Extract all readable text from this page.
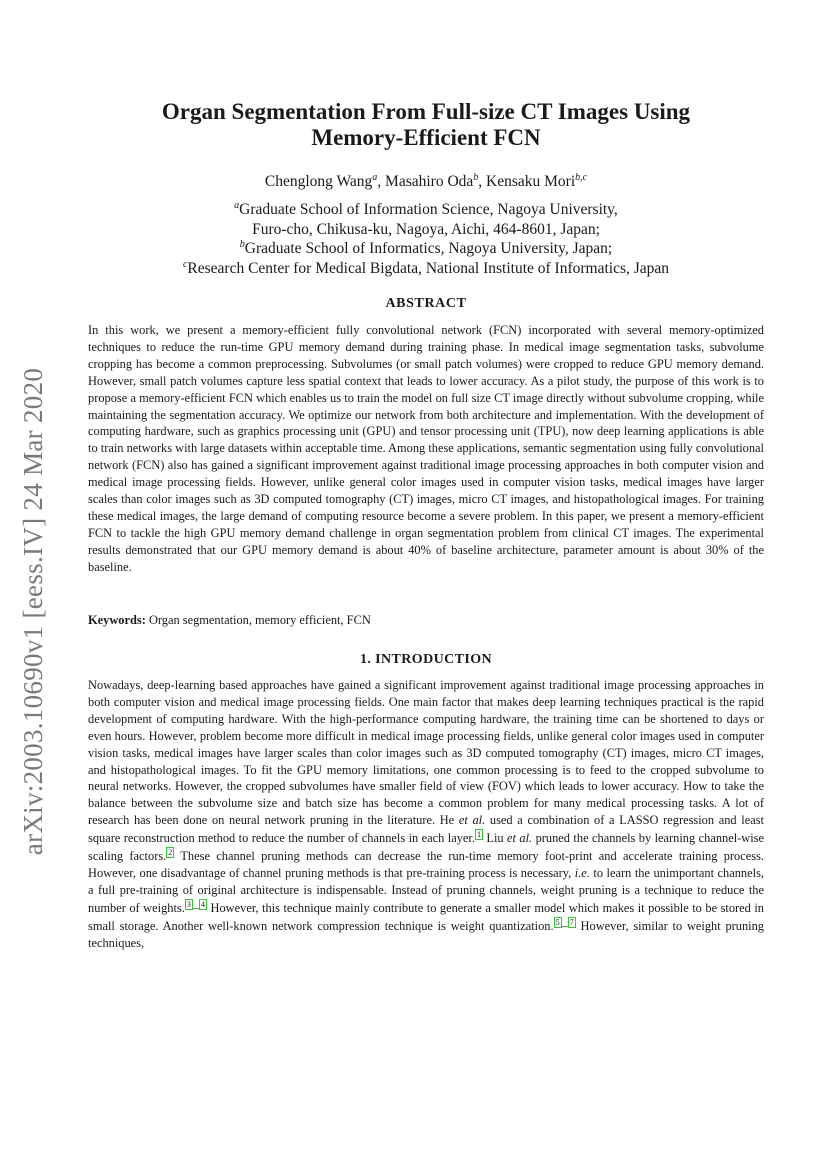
arXiv:2003.10690v1 [eess.IV] 24 Mar 2020
Organ Segmentation From Full-size CT Images Using
Memory-Efficient FCN
Chenglong Wang$^a$, Masahiro Oda$^b$, Kensaku Mori$^{b,c}$
$^a$Graduate School of Information Science, Nagoya University,
Furo-cho, Chikusa-ku, Nagoya, Aichi, 464-8601, Japan;
$^b$Graduate School of Informatics, Nagoya University, Japan;
$^c$Research Center for Medical Bigdata, National Institute of Informatics, Japan
ABSTRACT

In this work, we present a memory-efficient fully convolutional network (FCN) incorporated with several memory-optimized techniques to reduce the run-time GPU memory demand during training phase. In medical image segmentation tasks, subvolume cropping has become a common preprocessing. Subvolumes (or small patch volumes) were cropped to reduce GPU memory demand. However, small patch volumes capture less spatial context that leads to lower accuracy. As a pilot study, the purpose of this work is to propose a memory-efficient FCN which enables us to train the model on full size CT image directly without subvolume cropping, while maintaining the segmentation accuracy. We optimize our network from both architecture and implementation. With the development of computing hardware, such as graphics processing unit (GPU) and tensor processing unit (TPU), now deep learning applications is able to train networks with large datasets within acceptable time. Among these applications, semantic segmentation using fully convolutional network (FCN) also has gained a significant improvement against traditional image processing approaches in both computer vision and medical image processing fields. However, unlike general color images used in computer vision tasks, medical images have larger scales than color images such as 3D computed tomography (CT) images, micro CT images, and histopathological images. For training these medical images, the large demand of computing resource become a severe problem. In this paper, we present a memory-efficient FCN to tackle the high GPU memory demand challenge in organ segmentation problem from clinical CT images. The experimental results demonstrated that our GPU memory demand is about 40% of baseline architecture, parameter amount is about 30% of the baseline.

Keywords: Organ segmentation, memory efficient, FCN

1. INTRODUCTION

Nowadays, deep-learning based approaches have gained a significant improvement against traditional image processing approaches in both computer vision and medical image processing fields. One main factor that makes deep learning techniques practical is the rapid development of computing hardware. With the high-performance computing hardware, the training time can be shortened to days or even hours. However, problem become more difficult in medical image processing fields, unlike general color images used in computer vision tasks, medical images have larger scales than color images such as 3D computed tomography (CT) images, micro CT images, and histopathological images. To fit the GPU memory limitations, one common processing is to feed to the cropped subvolume to neural networks. However, the cropped subvolumes have smaller field of view (FOV) which leads to lower accuracy. How to take the balance between the subvolume size and batch size has become a common problem for many medical processing tasks. A lot of research has been done on neural network pruning in the literature. He et al. used a combination of a LASSO regression and least square reconstruction method to reduce the number of channels in each layer. 1 Liu et al. pruned the channels by learning channel-wise scaling factors. 2 These channel pruning methods can decrease the run-time memory foot-print and accelerate training process. However, one disadvantage of channel pruning methods is that pre-training process is necessary, i.e. to learn the unimportant channels, a full pre-training of original architecture is indispensable. Instead of pruning channels, weight pruning is a technique to reduce the number of weights. 3 – 4 However, this technique mainly contribute to generate a smaller model which makes it possible to be stored in small storage. Another well-known network compression technique is weight quantization. 5 – 7 However, similar to weight pruning techniques,
